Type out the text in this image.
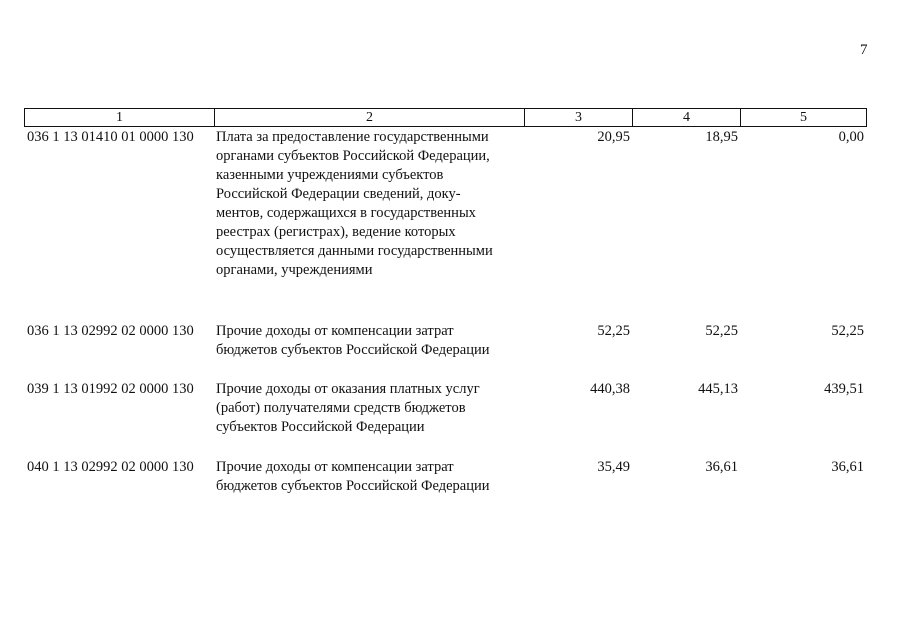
7
1	2	3	4	5
036 1 13 01410 01 0000 130	Плата за предоставление государственными
органами субъектов Российской Федерации,
казенными учреждениями субъектов
Российской Федерации сведений, доку-
ментов, содержащихся в государственных
реестрах (регистрах), ведение которых
осуществляется данными государственными
органами, учреждениями
20,95	18,95	0,00
036 1 13 02992 02 0000 130	Прочие доходы от компенсации затрат
бюджетов субъектов Российской Федерации
52,25	52,25	52,25
039 1 13 01992 02 0000 130	Прочие доходы от оказания платных услуг
(работ) получателями средств бюджетов
субъектов Российской Федерации
440,38	445,13	439,51
040 1 13 02992 02 0000 130	Прочие доходы от компенсации затрат
бюджетов субъектов Российской Федерации
35,49	36,61	36,61
